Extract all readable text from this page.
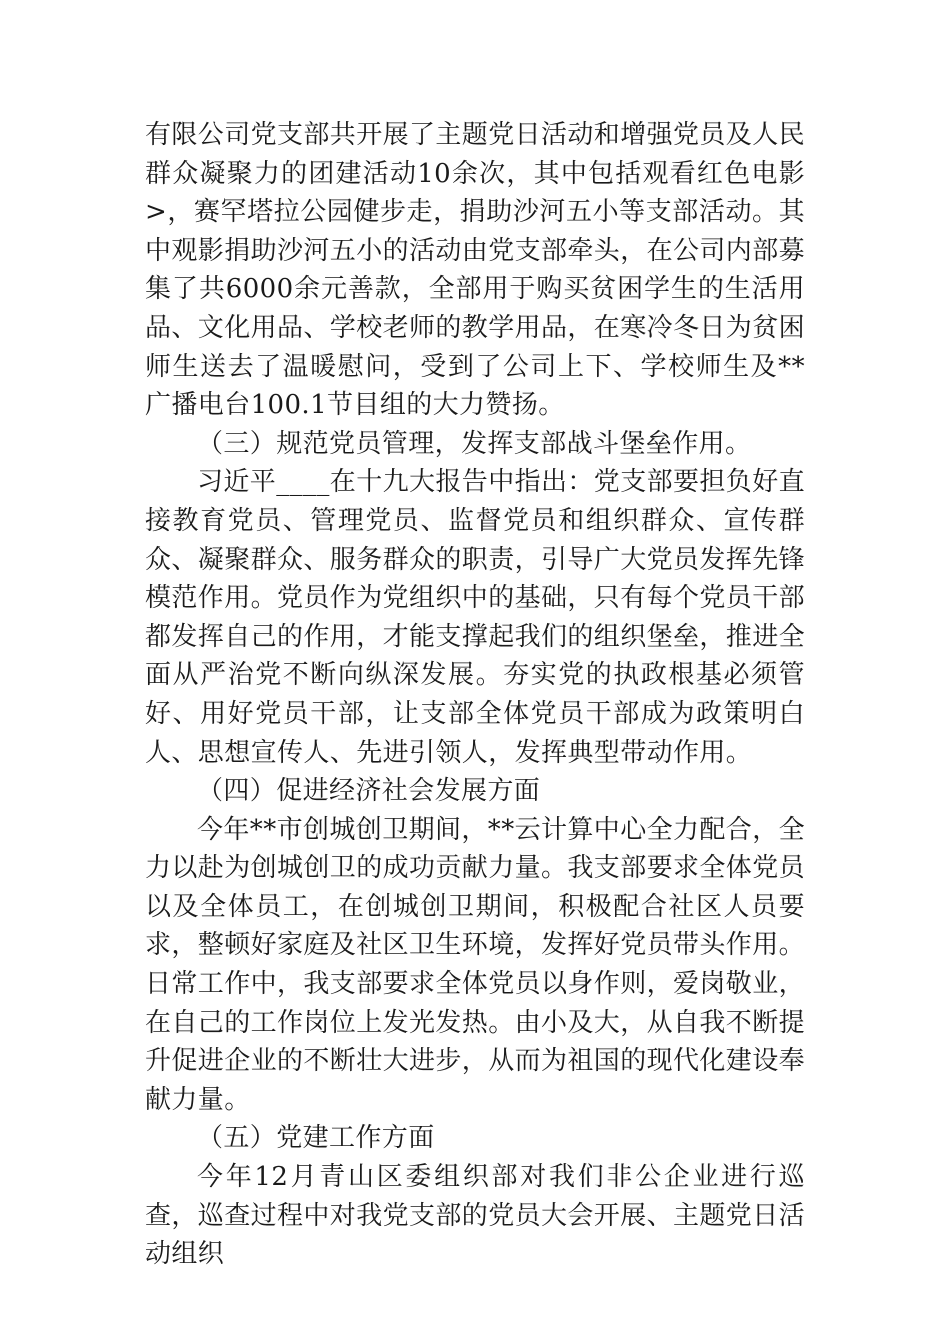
有限公司党支部共开展了主题党日活动和增强党员及人民群众凝聚力的团建活动10余次，其中包括观看红色电影>，赛罕塔拉公园健步走，捐助沙河五小等支部活动。其中观影捐助沙河五小的活动由党支部牵头，在公司内部募集了共6000余元善款，全部用于购买贫困学生的生活用品、文化用品、学校老师的教学用品，在寒冷冬日为贫困师生送去了温暖慰问，受到了公司上下、学校师生及**广播电台100.1节目组的大力赞扬。

（三）规范党员管理，发挥支部战斗堡垒作用。

习近平____在十九大报告中指出：党支部要担负好直接教育党员、管理党员、监督党员和组织群众、宣传群众、凝聚群众、服务群众的职责，引导广大党员发挥先锋模范作用。党员作为党组织中的基础，只有每个党员干部都发挥自己的作用，才能支撑起我们的组织堡垒，推进全面从严治党不断向纵深发展。夯实党的执政根基必须管好、用好党员干部，让支部全体党员干部成为政策明白人、思想宣传人、先进引领人，发挥典型带动作用。

（四）促进经济社会发展方面

今年**市创城创卫期间，**云计算中心全力配合，全力以赴为创城创卫的成功贡献力量。我支部要求全体党员以及全体员工，在创城创卫期间，积极配合社区人员要求，整顿好家庭及社区卫生环境，发挥好党员带头作用。日常工作中，我支部要求全体党员以身作则，爱岗敬业，在自己的工作岗位上发光发热。由小及大，从自我不断提升促进企业的不断壮大进步，从而为祖国的现代化建设奉献力量。

（五）党建工作方面

今年12月青山区委组织部对我们非公企业进行巡查，巡查过程中对我党支部的党员大会开展、主题党日活动组织
